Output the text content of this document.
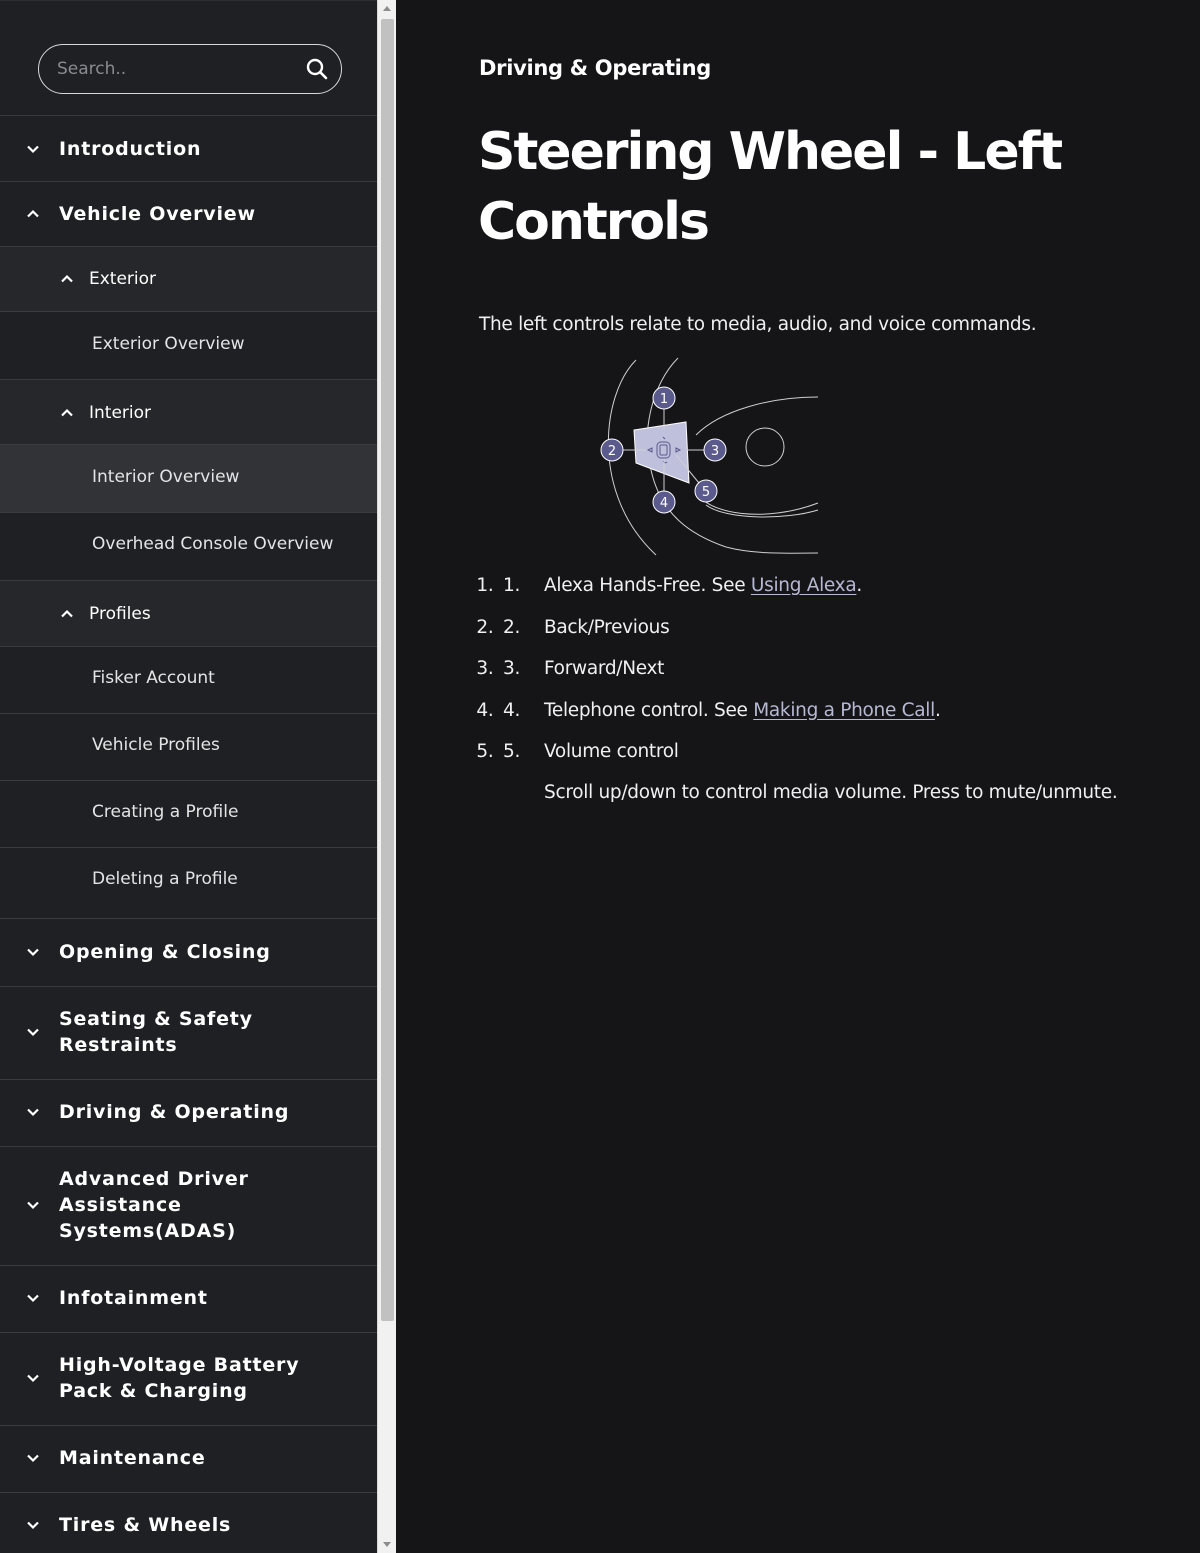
Search..
Introduction
Vehicle Overview
Exterior
Exterior Overview
Interior
Interior Overview
Overhead Console Overview
Profiles
Fisker Account
Vehicle Profiles
Creating a Profile
Deleting a Profile
Opening & Closing
Seating & Safety Restraints
Driving & Operating
Advanced Driver Assistance Systems(ADAS)
Infotainment
High-Voltage Battery Pack & Charging
Maintenance
Tires & Wheels
Driving & Operating
Steering Wheel - Left Controls

The left controls relate to media, audio, and voice commands.

1
2	3
4
5
1. 1. Alexa Hands-Free. See Using Alexa.
2. 2. Back/Previous
3. 3. Forward/Next
4. 4. Telephone control. See Making a Phone Call.
5. 5. Volume control

Scroll up/down to control media volume. Press to mute/unmute.
